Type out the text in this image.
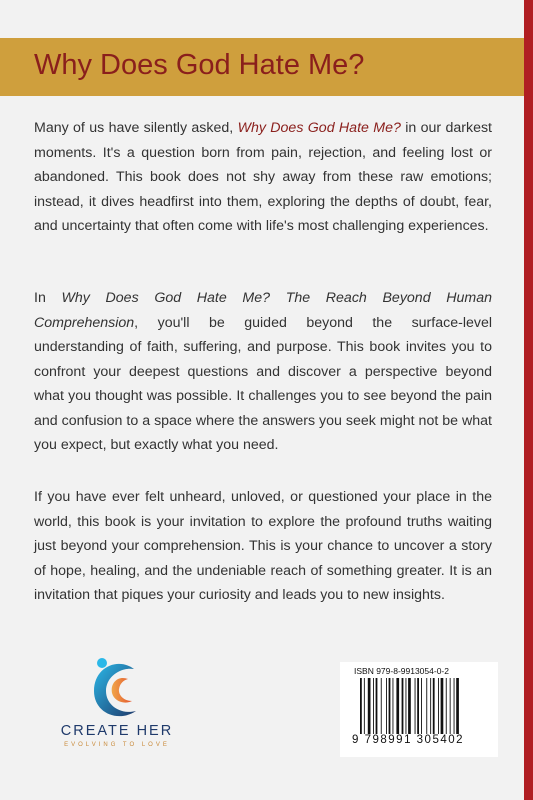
Why Does God Hate Me?

Many of us have silently asked, Why Does God Hate Me? in our darkest moments. It's a question born from pain, rejection, and feeling lost or abandoned. This book does not shy away from these raw emotions; instead, it dives headfirst into them, exploring the depths of doubt, fear, and uncertainty that often come with life's most challenging experiences.

In Why Does God Hate Me? The Reach Beyond Human Comprehension, you'll be guided beyond the surface-level understanding of faith, suffering, and purpose. This book invites you to confront your deepest questions and discover a perspective beyond what you thought was possible. It challenges you to see beyond the pain and confusion to a space where the answers you seek might not be what you expect, but exactly what you need.

If you have ever felt unheard, unloved, or questioned your place in the world, this book is your invitation to explore the profound truths waiting just beyond your comprehension. This is your chance to uncover a story of hope, healing, and the undeniable reach of something greater. It is an invitation that piques your curiosity and leads you to new insights.

CREATE HER

EVOLVING TO LOVE

ISBN 979-8-9913054-0-2
9 798991 305402
